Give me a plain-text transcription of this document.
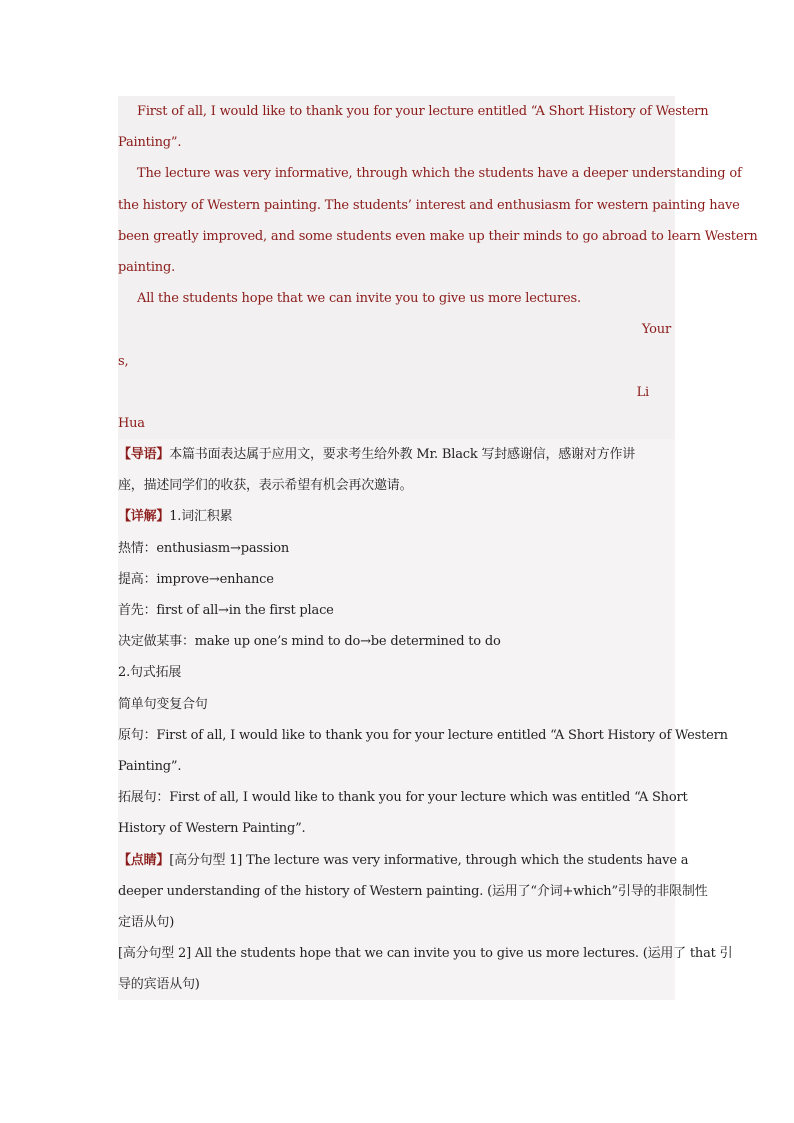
First of all, I would like to thank you for your lecture entitled “A Short History of Western
Painting”.
The lecture was very informative, through which the students have a deeper understanding of
the history of Western painting. The students’ interest and enthusiasm for western painting have
been greatly improved, and some students even make up their minds to go abroad to learn Western
painting.
All the students hope that we can invite you to give us more lectures.
Your
s,
Li
Hua
【导语】本篇书面表达属于应用文，要求考生给外教 Mr. Black 写封感谢信，感谢对方作讲
座，描述同学们的收获，表示希望有机会再次邀请。
【详解】1.词汇积累
热情：enthusiasm→passion
提高：improve→enhance
首先：first of all→in the first place
决定做某事：make up one’s mind to do→be determined to do
2.句式拓展
简单句变复合句
原句：First of all, I would like to thank you for your lecture entitled “A Short History of Western
Painting”.
拓展句：First of all, I would like to thank you for your lecture which was entitled “A Short
History of Western Painting”.
【点睛】[高分句型 1] The lecture was very informative, through which the students have a
deeper understanding of the history of Western painting. (运用了“介词+which”引导的非限制性
定语从句)
[高分句型 2] All the students hope that we can invite you to give us more lectures. (运用了 that 引
导的宾语从句)
